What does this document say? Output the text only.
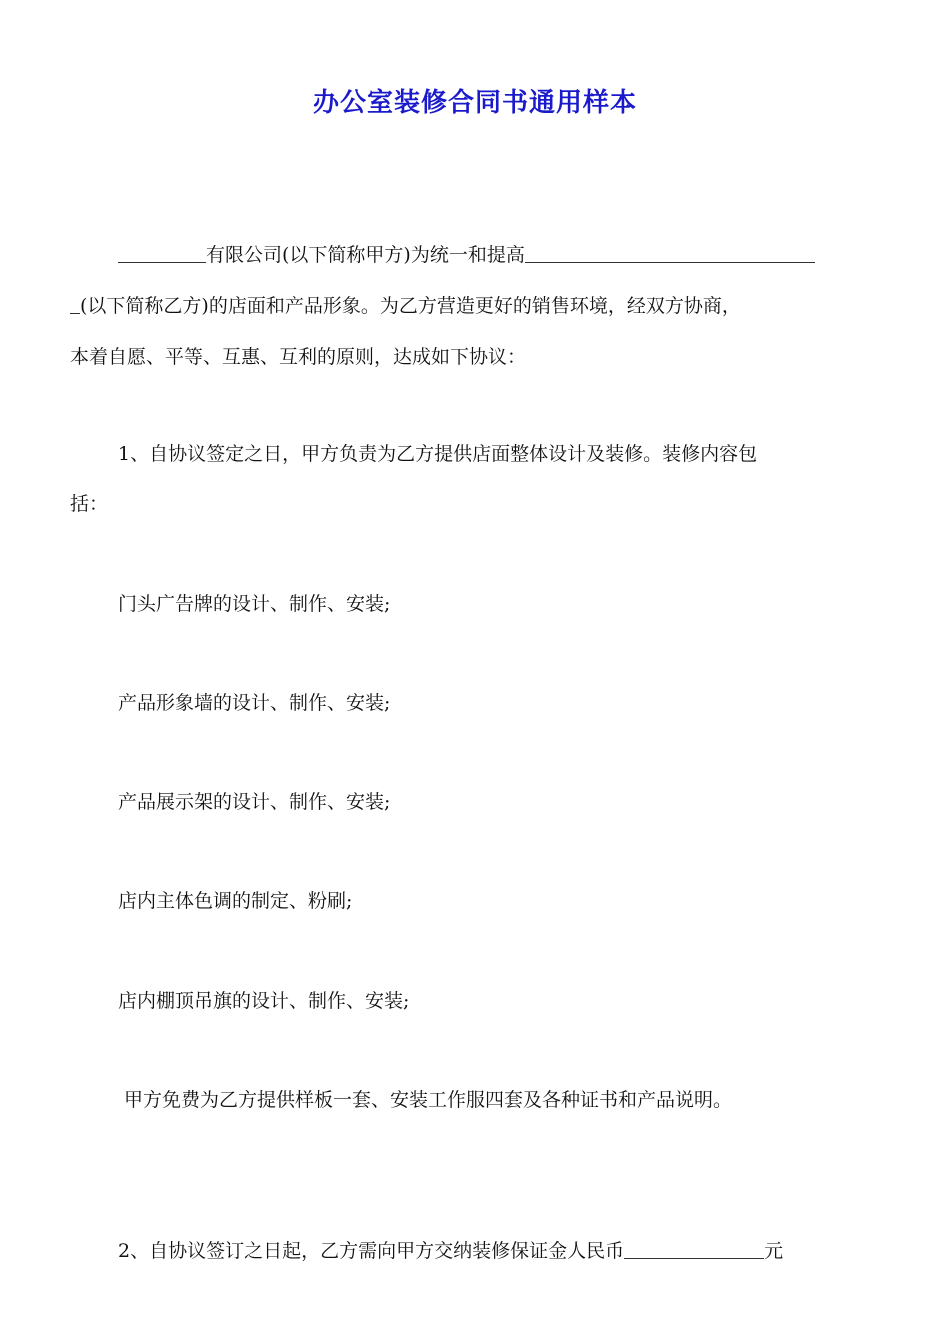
办公室装修合同书通用样本

有限公司(以下简称甲方)为统一和提高

(以下简称乙方)的店面和产品形象。为乙方营造更好的销售环境，经双方协商，

本着自愿、平等、互惠、互利的原则，达成如下协议：

1、自协议签定之日，甲方负责为乙方提供店面整体设计及装修。装修内容包

括：

门头广告牌的设计、制作、安装;

产品形象墙的设计、制作、安装;

产品展示架的设计、制作、安装;

店内主体色调的制定、粉刷;

店内棚顶吊旗的设计、制作、安装;

甲方免费为乙方提供样板一套、安装工作服四套及各种证书和产品说明。

2、自协议签订之日起，乙方需向甲方交纳装修保证金人民币	元
